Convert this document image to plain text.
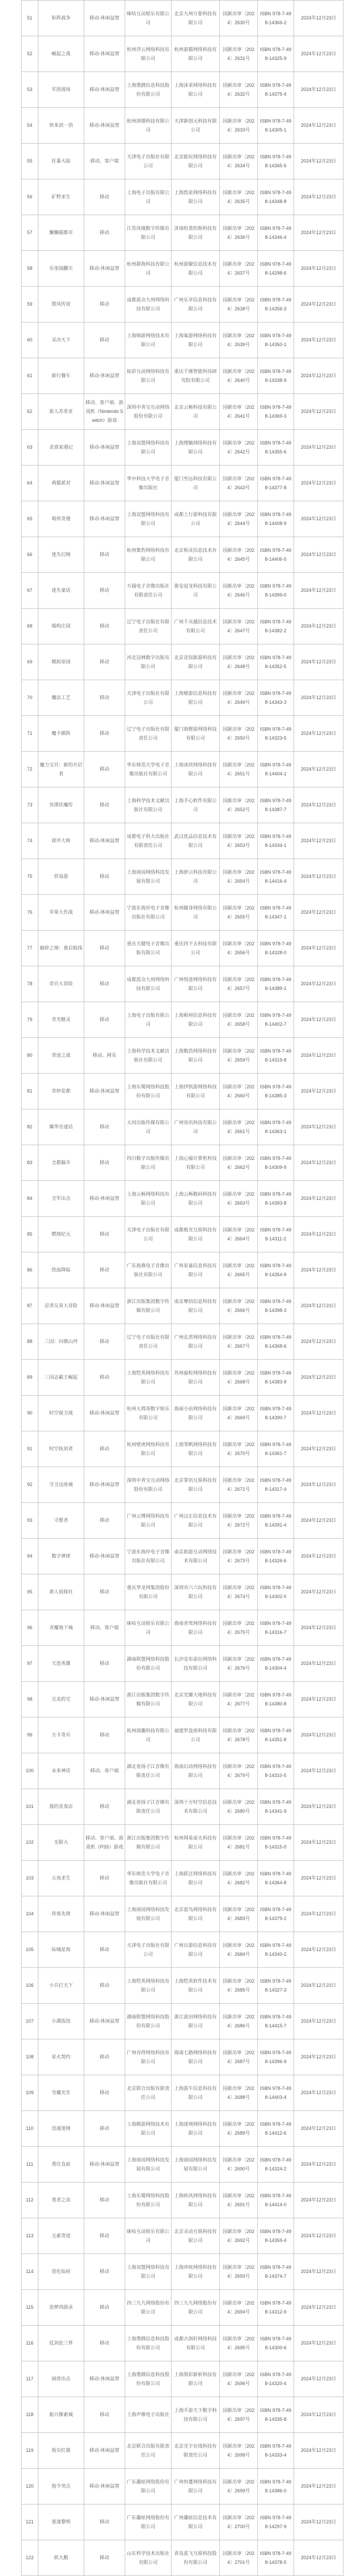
51	矩阵战争	移动-休闲益智	咪咕互动娱乐有限公司	北京九州万象科技有限公司	国新出审〔2024〕2630号	ISBN 978-7-498-14366-2	2024年12月23日
52	崛起之战	移动-休闲益智	杭州浮云网络科技有限公司	杭州游猫网络科技有限公司	国新出审〔2024〕2631号	ISBN 978-7-498-14325-9	2024年12月23日
53	军团战场	移动-休闲益智	上海墨鹍信息科技股份有限公司	上海沐采网络科技有限公司	国新出审〔2024〕2632号	ISBN 978-7-498-14375-4	2024年12月23日
54	快来消一消	移动-休闲益智	杭州润德科技有限公司	天津新创元科技有限公司	国新出审〔2024〕2633号	ISBN 978-7-498-14305-1	2024年12月23日
55	狂暴大陆	移动、客户端	天津电子出版社有限公司	北京蛙玩网络科技有限公司	国新出审〔2024〕2634号	ISBN 978-7-498-14365-5	2024年12月23日
56	矿野求生	移动	上海电子出版有限公司	上海悠星网络科技有限公司	国新出审〔2024〕2635号	ISBN 978-7-498-14348-8	2024年12月23日
57	懒懒猫都市	移动	江苏凤凰数字传媒有限公司	济南哈莫哈斯科技有限公司	国新出审〔2024〕2636号	ISBN 978-7-498-14346-4	2024年12月23日
58	乐宠闹翻天	移动-休闲益智	杭州群海科技有限公司	杭州游聚信息技术有限公司	国新出审〔2024〕2637号	ISBN 978-7-498-14298-6	2024年12月23日
59	猎风传说	移动	成都蓝众九州网络科技有限公司	广州乐享信息科技有限公司	国新出审〔2024〕2638号	ISBN 978-7-498-14356-3	2024年12月23日
60	灵决天下	移动	上海锦游网络技术有限公司	上海巢游网络科技有限公司	国新出审〔2024〕2639号	ISBN 978-7-498-14350-1	2024年12月23日
61	旅行餐车	移动-休闲益智	炫彩互动网络科技有限公司	重庆千锤智能科技研究院有限公司	国新出审〔2024〕2640号	ISBN 978-7-498-14338-9	2024年12月23日
62	旅人苏菲亚	移动、客户端、游戏机（Nintendo Switch）游戏	深圳中青宝互动网络股份有限公司	北京云畅科技有限公司	国新出审〔2024〕2641号	ISBN 978-7-498-14369-3	2024年12月23日
63	美食家漫记	移动-休闲益智	上海双盟网络科技有限公司	上海理毓网络科技有限公司	国新出审〔2024〕2642号	ISBN 978-7-498-14355-6	2024年12月23日
64	萌猫派对	移动-休闲益智	华中科技大学电子音像出版社	厦门至远科技有限公司	国新出审〔2024〕2643号	ISBN 978-7-498-14377-8	2024年12月23日
65	萌侠奇遇	移动-休闲益智	上海双盟网络科技有限公司	成都上行游科技有限公司	国新出审〔2024〕2644号	ISBN 978-7-498-14408-9	2024年12月23日
66	迷失幻境	移动	杭州集豹网络科技有限公司	北京柏灵信息技术有限公司	国新出审〔2024〕2645号	ISBN 978-7-498-14406-5	2024年12月23日
67	迷失童话	移动	方圆电子音像出版社有限责任公司	淮安追龙科技有限公司	国新出审〔2024〕2646号	ISBN 978-7-498-14399-0	2024年12月23日
68	喵呜庄园	移动	辽宁电子出版社有限责任公司	广州千众越信息技术有限公司	国新出审〔2024〕2647号	ISBN 978-7-498-14382-2	2024年12月23日
69	模拟帝国	移动	河北冠林数字出版有限公司	北京竞知新游科技有限公司	国新出审〔2024〕2648号	ISBN 978-7-498-14352-5	2024年12月23日
70	魔法工艺	移动	天津电子出版社有限公司	上海椿游信息科技有限公司	国新出审〔2024〕2649号	ISBN 978-7-498-14343-3	2024年12月23日
71	魔卡棋阵	移动	辽宁电子出版社有限责任公司	厦门海狸游网络科技有限公司	国新出审〔2024〕2650号	ISBN 978-7-498-14323-5	2024年12月23日
72	魔力宝贝：新的开启者	移动	华东师范大学电子音像出版社有限公司	上海冰块网络科技有限公司	国新出审〔2024〕2651号	ISBN 978-7-498-14404-1	2024年12月23日
73	冥潭伏魔传	移动	上海科学技术文献出版社有限公司	上海手心软件有限公司	国新出审〔2024〕2652号	ISBN 978-7-498-14387-7	2024年12月23日
74	排序大师	移动-休闲益智	成都电子科大出版社有限责任公司	武汉优品信息技术有限公司	国新出审〔2024〕2653号	ISBN 978-7-498-14334-1	2024年12月23日
75	贸易游	移动	上海商国网络科技发展有限公司	上海拼云科技有限公司	国新出审〔2024〕2654号	ISBN 978-7-498-14416-4	2024年12月23日
76	苹果大作战	移动-休闲益智	宁波东海岸电子音像出版社有限公司	杭州随身网络有限公司	国新出审〔2024〕2655号	ISBN 978-7-498-14347-1	2024年12月23日
77	破碎之境：重启航线	移动	重庆天健电子音像出版有限公司	重庆四下去科技有限公司	国新出审〔2024〕2656号	ISBN 978-7-498-14328-0	2024年12月23日
78	奇兵大冒险	移动	成都蓝众九州网络科技有限公司	广州悦进网络科技有限公司	国新出审〔2024〕2657号	ISBN 978-7-498-14389-1	2024年12月23日
79	奇光精灵	移动	上海电子出版有限公司	上海稻州信息科技有限公司	国新出审〔2024〕2658号	ISBN 978-7-498-14402-7	2024年12月23日
80	奇迹之战	移动、网页	上海科学技术文献出版社有限公司	上海数浩网络科技有限公司	国新出审〔2024〕2659号	ISBN 978-7-498-14319-8	2024年12月23日
81	奇妙花都	移动-休闲益智	上海乐蜀网络科技股份有限公司	上海伊凯游网络科技有限公司	国新出审〔2024〕2660号	ISBN 978-7-498-14385-3	2024年12月23日
82	爆华音速话	移动	大同出版传媒有限公司	广州容讯科技有限公司	国新出审〔2024〕2661号	ISBN 978-7-498-14363-1	2024年12月23日
83	全都躲开	移动	四川数字出版传媒有限公司	上海心愉计算机科技有限公司	国新出审〔2024〕2662号	ISBN 978-7-498-14309-9	2024年12月23日
84	全军出击	移动-休闲益智	上海云畅网络科技有限公司	上海云畅数码科技有限公司	国新出审〔2024〕2663号	ISBN 978-7-498-14393-8	2024年12月23日
85	燃烧纪元	移动	天津电子出版社有限公司	成都极光互娱科技有限公司	国新出审〔2024〕2664号	ISBN 978-7-498-14311-2	2024年12月23日
86	热血降临	移动	广东海燕电子音像出版社有限公司	广州星嘉信息科技有限公司	国新出审〔2024〕2665号	ISBN 978-7-498-14354-9	2024年12月23日
87	忍者兄弟大冒险	移动-休闲益智	浙江出版集团数字传媒有限公司	南京摩佰信息科技有限公司	国新出审〔2024〕2666号	ISBN 978-7-498-14398-3	2024年12月23日
88	三国：问鼎山河	移动	辽宁电子出版社有限责任公司	广州弘贯网络科技有限公司	国新出审〔2024〕2667号	ISBN 978-7-498-14368-6	2024年12月23日
89	三国志霸王崛起	移动	上海恺英网络科技有限公司	苏州旋粒网络科技有限公司	国新出审〔2024〕2668号	ISBN 978-7-498-14383-9	2024年12月23日
90	时空保卫战	移动-休闲益智	杭州大拇哥数字娱乐有限公司	海南小站网络科技有限公司	国新出审〔2024〕2669号	ISBN 978-7-498-14390-7	2024年12月23日
91	时空执剑者	移动	杭州壁虎网络科技有限公司	上海零帆网络科技有限公司	国新出审〔2024〕2670号	ISBN 978-7-498-14361-7	2024年12月23日
92	守卫这座城	移动-休闲益智	深圳中青宝互动网络股份有限公司	北京掌讯互娱科技有限公司	国新出审〔2024〕2671号	ISBN 978-7-498-14317-4	2024年12月23日
93	守愿者	移动	广州云博网络科技有限公司	广州汉正信息技术有限公司	国新出审〔2024〕2672号	ISBN 978-7-498-14391-4	2024年12月23日
94	数字弹球	移动-休闲益智	宁波东海岸电子音像出版社有限公司	南京助游互动网络技术有限公司	国新出审〔2024〕2673号	ISBN 978-7-498-14326-6	2024年12月23日
95	唐人侦探社	移动	重庆华龙网集团股份有限公司	深圳市六六玩科技有限公司	国新出审〔2024〕2674号	ISBN 978-7-498-14302-0	2024年12月23日
96	贪魔地下城	移动、客户端	咪咕互动娱乐有限公司	海南青鸾网络科技有限公司	国新出审〔2024〕2675号	ISBN 978-7-498-14316-7	2024年12月23日
97	天选英雄	移动	湖南联盟网络科技股份有限公司	长沙安布雷拉网络科技有限公司	国新出审〔2024〕2676号	ISBN 978-7-498-14304-4	2024年12月23日
98	完美的宅	移动-休闲益智	浙江出版集团数字传媒有限公司	北京光耀大地科技有限公司	国新出审〔2024〕2677号	ISBN 978-7-498-14380-8	2024年12月23日
99	万卡奇兵	移动	杭州润趣科技有限公司	福建罗盘座科技有限公司	国新出审〔2024〕2678号	ISBN 978-7-498-14351-8	2024年12月23日
100	未来神话	移动、客户端	湖北省扬子江音像有限责任公司	海南幻动网络科技有限公司	国新出审〔2024〕2679号	ISBN 978-7-498-14310-5	2024年12月23日
101	我的美食店	移动	湖北省扬子江音像有限责任公司	深圳十方时空信息技术有限公司	国新出审〔2024〕2680号	ISBN 978-7-498-14341-9	2024年12月23日
102	无限大	移动、客户端、游戏机（PS5）游戏	浙江出版集团数字传媒有限公司	杭州网易雷火科技有限公司	国新出审〔2024〕2681号	ISBN 978-7-498-14315-0	2024年12月23日
103	五夜求生	移动	华东师范大学电子音像出版社有限公司	上海跃迁网络科技有限公司	国新出审〔2024〕2682号	ISBN 978-7-498-14364-8	2024年12月23日
104	侠客先锋	移动-休闲益智	上海商国网络科技发展有限公司	北京蓝鸟网络科技有限公司	国新出审〔2024〕2683号	ISBN 978-7-498-14379-2	2024年12月23日
105	仙城星海	移动	天津电子出版社有限公司	广州百游信息科技有限公司	国新出审〔2024〕2684号	ISBN 978-7-498-14340-2	2024年12月23日
106	小兵打天下	移动	上海恺英网络科技有限公司	上海恺英软件技术有限公司	国新出审〔2024〕2685号	ISBN 978-7-498-14327-3	2024年12月23日
107	小满饭馆	移动-休闲益智	湖南联盟网络科技股份有限公司	浙江波田网络科技有限公司	国新出审〔2024〕2686号	ISBN 978-7-498-14415-7	2024年12月23日
108	星火契约	移动	广州谷得网络科技有限公司	海南七路网络科技有限公司	国新出审〔2024〕2687号	ISBN 978-7-498-14396-9	2024年12月23日
109	雪藏光年	移动	北京联合出版有限责任公司	上海游牛信息科技有限公司	国新出审〔2024〕2688号	ISBN 978-7-498-14403-4	2024年12月23日
110	迅速迷境	移动	上海鹤游网络技术有限公司	上海迷境网络科技有限公司	国新出审〔2024〕2689号	ISBN 978-7-498-14412-6	2024年12月23日
111	勇往直前	移动-休闲益智	上海商国网络科技发展有限公司	上海商国网络科技发展有限公司	国新出审〔2024〕2690号	ISBN 978-7-498-14324-2	2024年12月23日
112	勇者之岛	移动	上海乐蜀网络科技股份有限公司	上海疾风网络科技有限公司	国新出审〔2024〕2691号	ISBN 978-7-498-14414-0	2024年12月23日
113	元素奇迹	移动	咪咕互动娱乐有限公司	北京灵动互娱科技有限公司	国新出审〔2024〕2692号	ISBN 978-7-498-14359-4	2024年12月23日
114	造化仙府	移动	上海双盟网络科技有限公司	上海冲炫网络科技有限公司	国新出审〔2024〕2693号	ISBN 978-7-498-14374-7	2024年12月23日
115	造梦西游录	移动	四三九九网络股份有限公司	四三九九网络股份有限公司	国新出审〔2024〕2694号	ISBN 978-7-498-14312-9	2024年12月23日
116	仗剑论三界	移动	上海墨鹍信息科技股份有限公司	成都古润轩网络科技有限公司	国新出审〔2024〕2695号	ISBN 978-7-498-14300-6	2024年12月23日
117	困兽出击	移动-休闲益智	上海墨鹍信息科技股份有限公司	上海领彩新析科技有限公司	国新出审〔2024〕2696号	ISBN 978-7-498-14320-4	2024年12月23日
118	振兴像素城	移动	上海声像电子出版社	上海手游天下数字科技有限公司	国新出审〔2024〕2697号	ISBN 978-7-498-14335-8	2024年12月23日
119	指尖红娘	移动-休闲益智	北京联合出版有限责任公司	北京光宇在线科技有限责任公司	国新出审〔2024〕2698号	ISBN 978-7-498-14333-4	2024年12月23日
120	指令突击	移动-休闲益智	广东趣炫网络股份有限公司	广州恒蔓网络科技有限公司	国新出审〔2024〕2699号	ISBN 978-7-498-14386-0	2024年12月23日
121	重逢黎明	移动	广东趣炫网络股份有限公司	广州趣炫信息技术有限公司	国新出审〔2024〕2700号	ISBN 978-7-498-14297-9	2024年12月23日
122	抓大鹅	移动	山东科学技术出版社有限公司	青岛蓝飞互娱科技股份有限公司	国新出审〔2024〕2701号	ISBN 978-7-498-14378-5	2024年12月23日
